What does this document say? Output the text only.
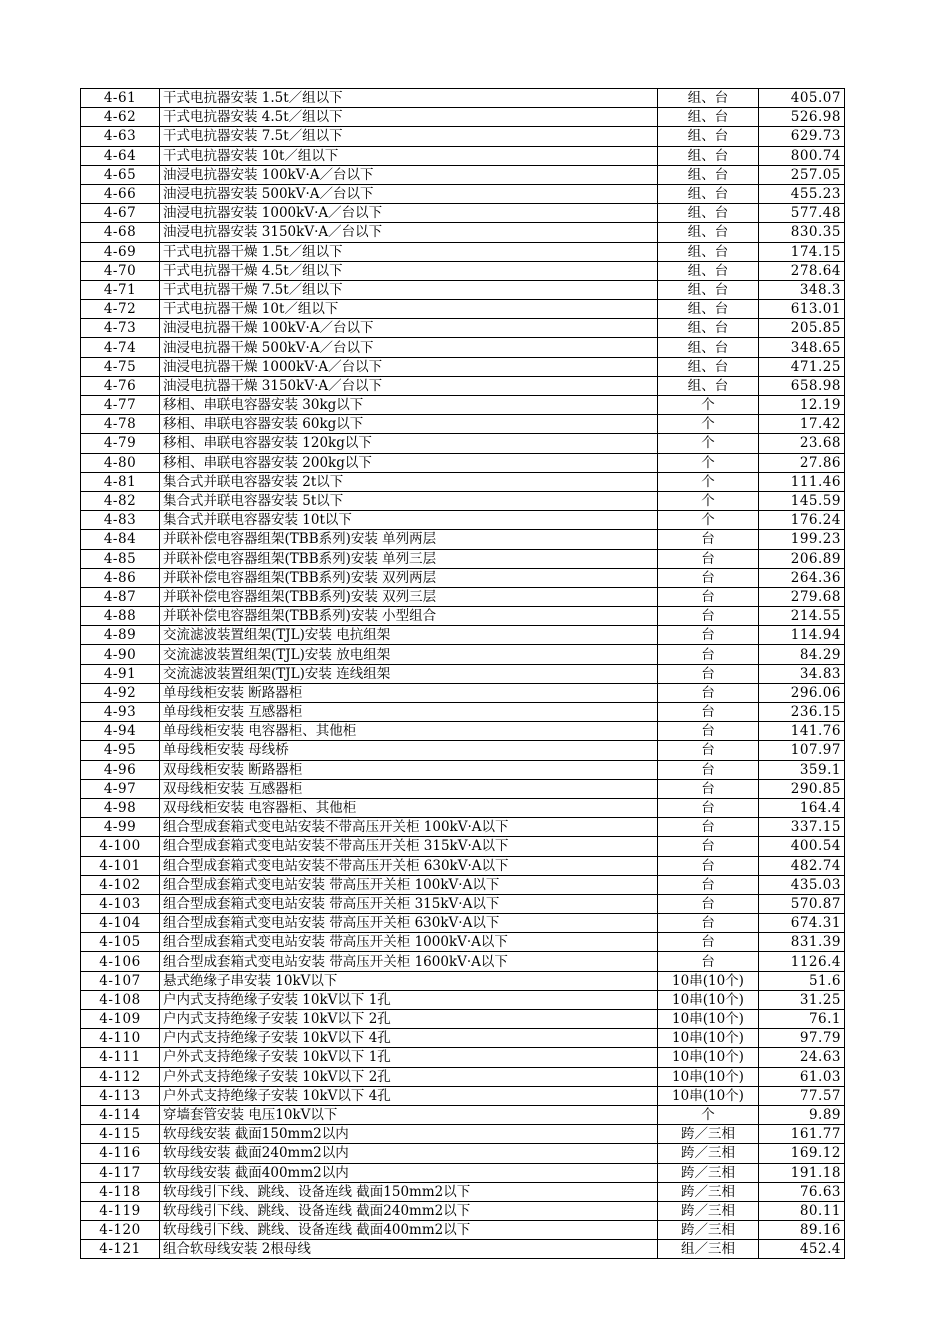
4-61	干式电抗器安装 1.5t／组以下	组、台	405.07
4-62	干式电抗器安装 4.5t／组以下	组、台	526.98
4-63	干式电抗器安装 7.5t／组以下	组、台	629.73
4-64	干式电抗器安装 10t／组以下	组、台	800.74
4-65	油浸电抗器安装 100kV·A／台以下	组、台	257.05
4-66	油浸电抗器安装 500kV·A／台以下	组、台	455.23
4-67	油浸电抗器安装 1000kV·A／台以下	组、台	577.48
4-68	油浸电抗器安装 3150kV·A／台以下	组、台	830.35
4-69	干式电抗器干燥 1.5t／组以下	组、台	174.15
4-70	干式电抗器干燥 4.5t／组以下	组、台	278.64
4-71	干式电抗器干燥 7.5t／组以下	组、台	348.3
4-72	干式电抗器干燥 10t／组以下	组、台	613.01
4-73	油浸电抗器干燥 100kV·A／台以下	组、台	205.85
4-74	油浸电抗器干燥 500kV·A／台以下	组、台	348.65
4-75	油浸电抗器干燥 1000kV·A／台以下	组、台	471.25
4-76	油浸电抗器干燥 3150kV·A／台以下	组、台	658.98
4-77	移相、串联电容器安装 30kg以下	个	12.19
4-78	移相、串联电容器安装 60kg以下	个	17.42
4-79	移相、串联电容器安装 120kg以下	个	23.68
4-80	移相、串联电容器安装 200kg以下	个	27.86
4-81	集合式并联电容器安装 2t以下	个	111.46
4-82	集合式并联电容器安装 5t以下	个	145.59
4-83	集合式并联电容器安装 10t以下	个	176.24
4-84	并联补偿电容器组架(TBB系列)安装 单列两层	台	199.23
4-85	并联补偿电容器组架(TBB系列)安装 单列三层	台	206.89
4-86	并联补偿电容器组架(TBB系列)安装 双列两层	台	264.36
4-87	并联补偿电容器组架(TBB系列)安装 双列三层	台	279.68
4-88	并联补偿电容器组架(TBB系列)安装 小型组合	台	214.55
4-89	交流滤波装置组架(TJL)安装 电抗组架	台	114.94
4-90	交流滤波装置组架(TJL)安装 放电组架	台	84.29
4-91	交流滤波装置组架(TJL)安装 连线组架	台	34.83
4-92	单母线柜安装 断路器柜	台	296.06
4-93	单母线柜安装 互感器柜	台	236.15
4-94	单母线柜安装 电容器柜、其他柜	台	141.76
4-95	单母线柜安装 母线桥	台	107.97
4-96	双母线柜安装 断路器柜	台	359.1
4-97	双母线柜安装 互感器柜	台	290.85
4-98	双母线柜安装 电容器柜、其他柜	台	164.4
4-99	组合型成套箱式变电站安装不带高压开关柜 100kV·A以下	台	337.15
4-100	组合型成套箱式变电站安装不带高压开关柜 315kV·A以下	台	400.54
4-101	组合型成套箱式变电站安装不带高压开关柜 630kV·A以下	台	482.74
4-102	组合型成套箱式变电站安装 带高压开关柜 100kV·A以下	台	435.03
4-103	组合型成套箱式变电站安装 带高压开关柜 315kV·A以下	台	570.87
4-104	组合型成套箱式变电站安装 带高压开关柜 630kV·A以下	台	674.31
4-105	组合型成套箱式变电站安装 带高压开关柜 1000kV·A以下	台	831.39
4-106	组合型成套箱式变电站安装 带高压开关柜 1600kV·A以下	台	1126.4
4-107	悬式绝缘子串安装 10kV以下	10串(10个)	51.6
4-108	户内式支持绝缘子安装 10kV以下 1孔	10串(10个)	31.25
4-109	户内式支持绝缘子安装 10kV以下 2孔	10串(10个)	76.1
4-110	户内式支持绝缘子安装 10kV以下 4孔	10串(10个)	97.79
4-111	户外式支持绝缘子安装 10kV以下 1孔	10串(10个)	24.63
4-112	户外式支持绝缘子安装 10kV以下 2孔	10串(10个)	61.03
4-113	户外式支持绝缘子安装 10kV以下 4孔	10串(10个)	77.57
4-114	穿墙套管安装 电压10kV以下	个	9.89
4-115	软母线安装 截面150mm2以内	跨／三相	161.77
4-116	软母线安装 截面240mm2以内	跨／三相	169.12
4-117	软母线安装 截面400mm2以内	跨／三相	191.18
4-118	软母线引下线、跳线、设备连线 截面150mm2以下	跨／三相	76.63
4-119	软母线引下线、跳线、设备连线 截面240mm2以下	跨／三相	80.11
4-120	软母线引下线、跳线、设备连线 截面400mm2以下	跨／三相	89.16
4-121	组合软母线安装 2根母线	组／三相	452.4
